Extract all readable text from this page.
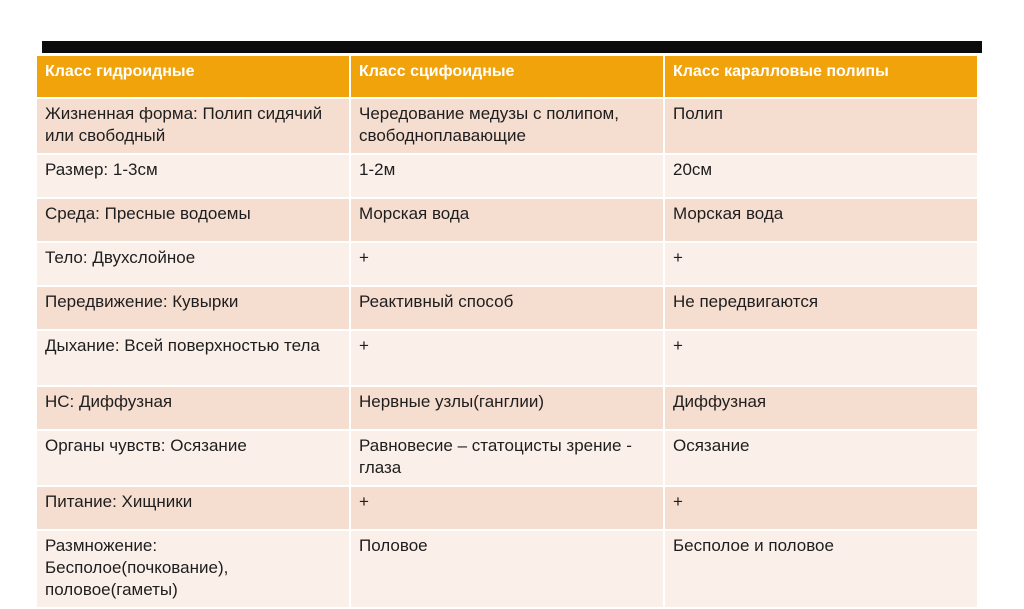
Класс гидроидные	Класс сцифоидные	Класс каралловые полипы
Жизненная форма: Полип сидячий или свободный	Чередование медузы с полипом, свободноплавающие	Полип
Размер: 1-3см	1-2м	20см
Среда: Пресные водоемы	Морская вода	Морская вода
Тело: Двухслойное	+	+
Передвижение: Кувырки	Реактивный способ	Не передвигаются
Дыхание: Всей поверхностью тела	+	+
НС: Диффузная	Нервные узлы(ганглии)	Диффузная
Органы чувств: Осязание	Равновесие – статоцисты зрение - глаза	Осязание
Питание: Хищники	+	+
Размножение: Бесполое(почкование), половое(гаметы)	Половое	Бесполое и половое
